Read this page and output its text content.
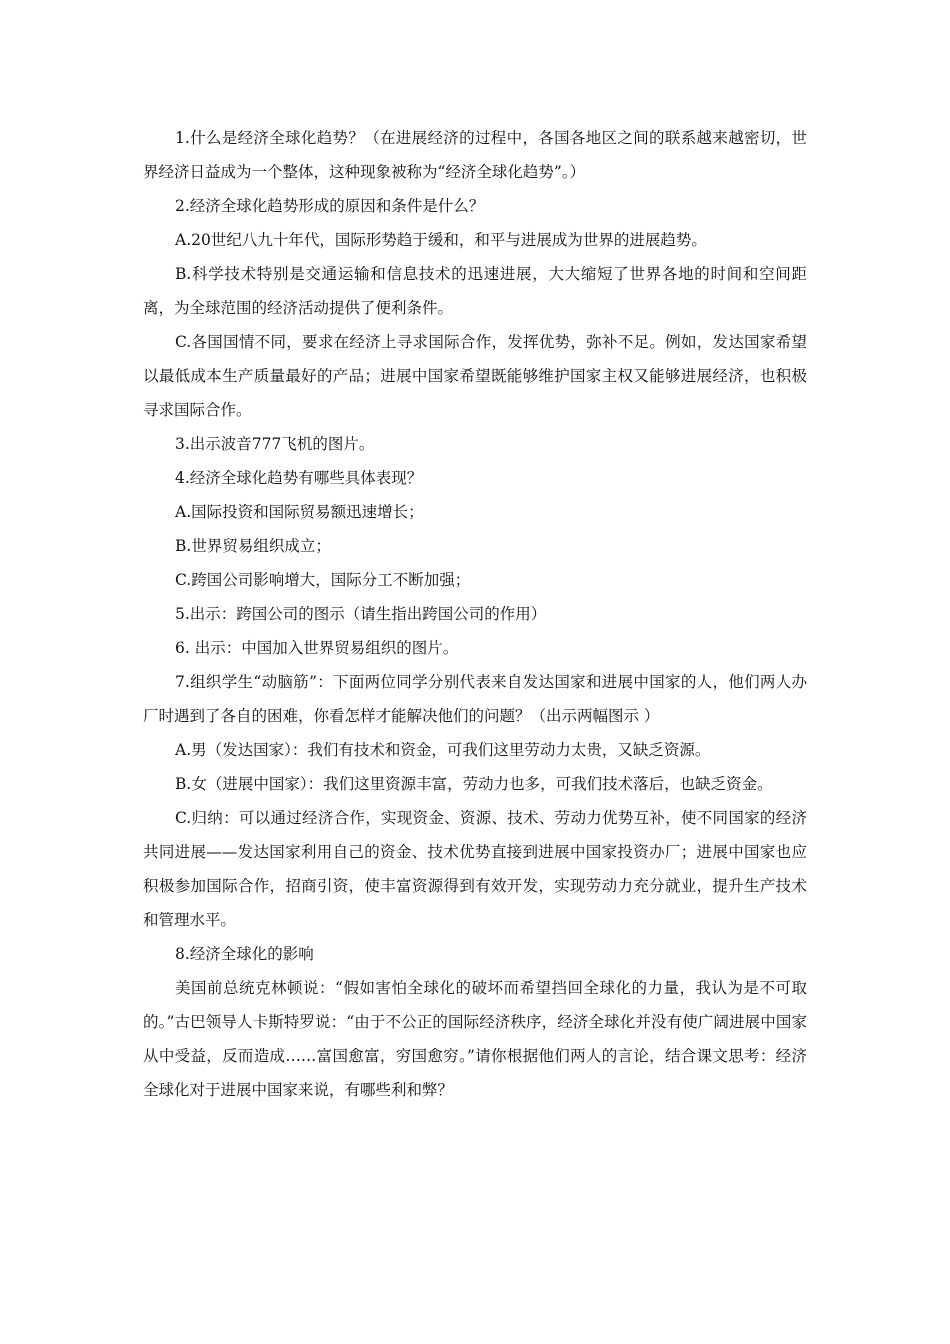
1.什么是经济全球化趋势？（在进展经济的过程中，各国各地区之间的联系越来越密切，世界经济日益成为一个整体，这种现象被称为“经济全球化趋势”。）

2.经济全球化趋势形成的原因和条件是什么？

A.20世纪八九十年代，国际形势趋于缓和，和平与进展成为世界的进展趋势。

B.科学技术特别是交通运输和信息技术的迅速进展，大大缩短了世界各地的时间和空间距离，为全球范围的经济活动提供了便利条件。

C.各国国情不同，要求在经济上寻求国际合作，发挥优势，弥补不足。例如，发达国家希望以最低成本生产质量最好的产品；进展中国家希望既能够维护国家主权又能够进展经济，也积极寻求国际合作。

3.出示波音777飞机的图片。

4.经济全球化趋势有哪些具体表现？

A.国际投资和国际贸易额迅速增长；

B.世界贸易组织成立；

C.跨国公司影响增大，国际分工不断加强；

5.出示：跨国公司的图示（请生指出跨国公司的作用）

6. 出示：中国加入世界贸易组织的图片。

7.组织学生“动脑筋”：下面两位同学分别代表来自发达国家和进展中国家的人，他们两人办厂时遇到了各自的困难，你看怎样才能解决他们的问题？（出示两幅图示 ）

A.男（发达国家）：我们有技术和资金，可我们这里劳动力太贵，又缺乏资源。

B.女（进展中国家）：我们这里资源丰富，劳动力也多，可我们技术落后，也缺乏资金。

C.归纳：可以通过经济合作，实现资金、资源、技术、劳动力优势互补，使不同国家的经济共同进展——发达国家利用自己的资金、技术优势直接到进展中国家投资办厂；进展中国家也应积极参加国际合作，招商引资，使丰富资源得到有效开发，实现劳动力充分就业，提升生产技术和管理水平。

8.经济全球化的影响

美国前总统克林顿说：“假如害怕全球化的破坏而希望挡回全球化的力量，我认为是不可取的。”古巴领导人卡斯特罗说：“由于不公正的国际经济秩序，经济全球化并没有使广阔进展中国家从中受益，反而造成……富国愈富，穷国愈穷。”请你根据他们两人的言论，结合课文思考：经济全球化对于进展中国家来说，有哪些利和弊？
